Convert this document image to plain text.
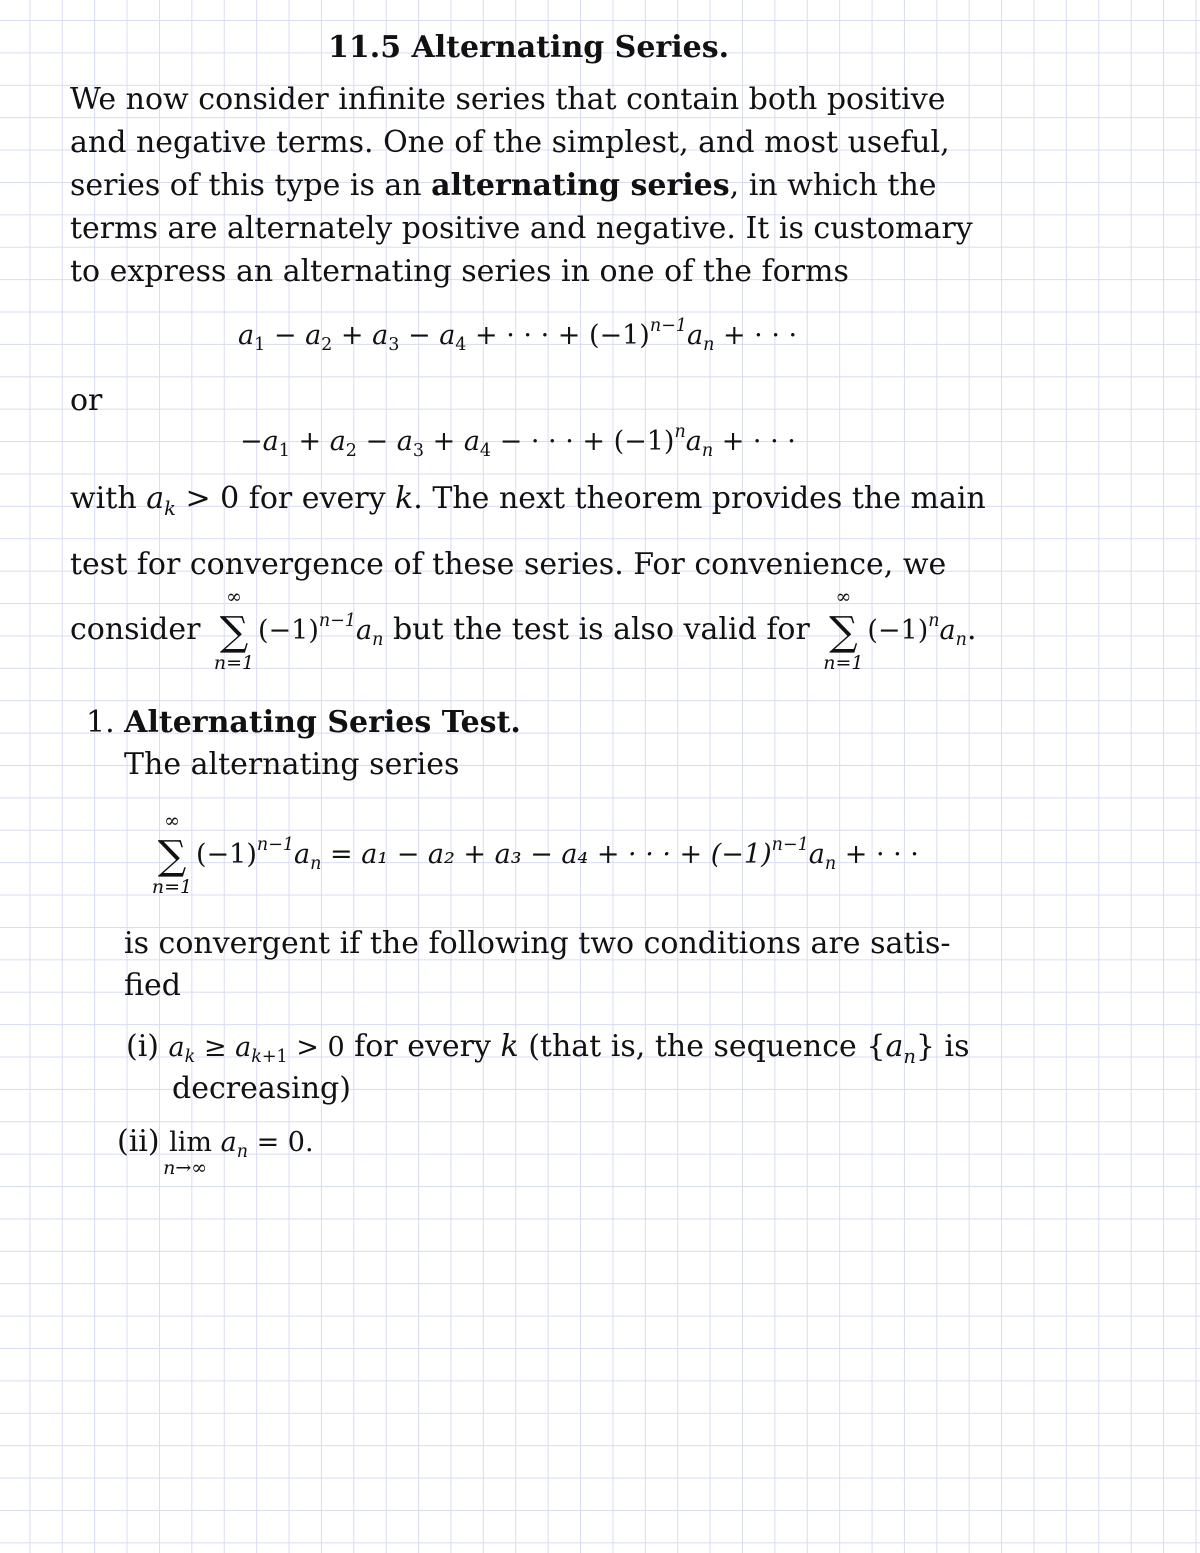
11.5 Alternating Series.
We now consider infinite series that contain both positive
and negative terms. One of the simplest, and most useful,
series of this type is an alternating series, in which the
terms are alternately positive and negative. It is customary
to express an alternating series in one of the forms
$a_1 - a_2 + a_3 - a_4$ + · · · + $(-1)^{n-1}a_n$ + · · ·
or
$-a_1 + a_2 - a_3 + a_4$ − · · · + $(-1)^na_n$ + · · ·
with $a_k > 0$ for every k. The next theorem provides the main
test for convergence of these series. For convenience, we
consider
∞
∑
n=1
$(-1)^{n-1}a_n$ but the test is also valid for
∞
∑
n=1
$(-1)^na_n$.
1. Alternating Series Test.
The alternating series
∞
∑
n=1
$(-1)^{n-1}a_n = a_1 - a_2 + a_3 - a_4$ + · · · + $(-1)^{n-1}a_n$ + · · ·
is convergent if the following two conditions are satis-
fied
(i) $a_k \ge a_{k+1} > 0$ for every k (that is, the sequence $\{a_n\}$ is
decreasing)
(ii) lim
n→∞
$a_n = 0$.
